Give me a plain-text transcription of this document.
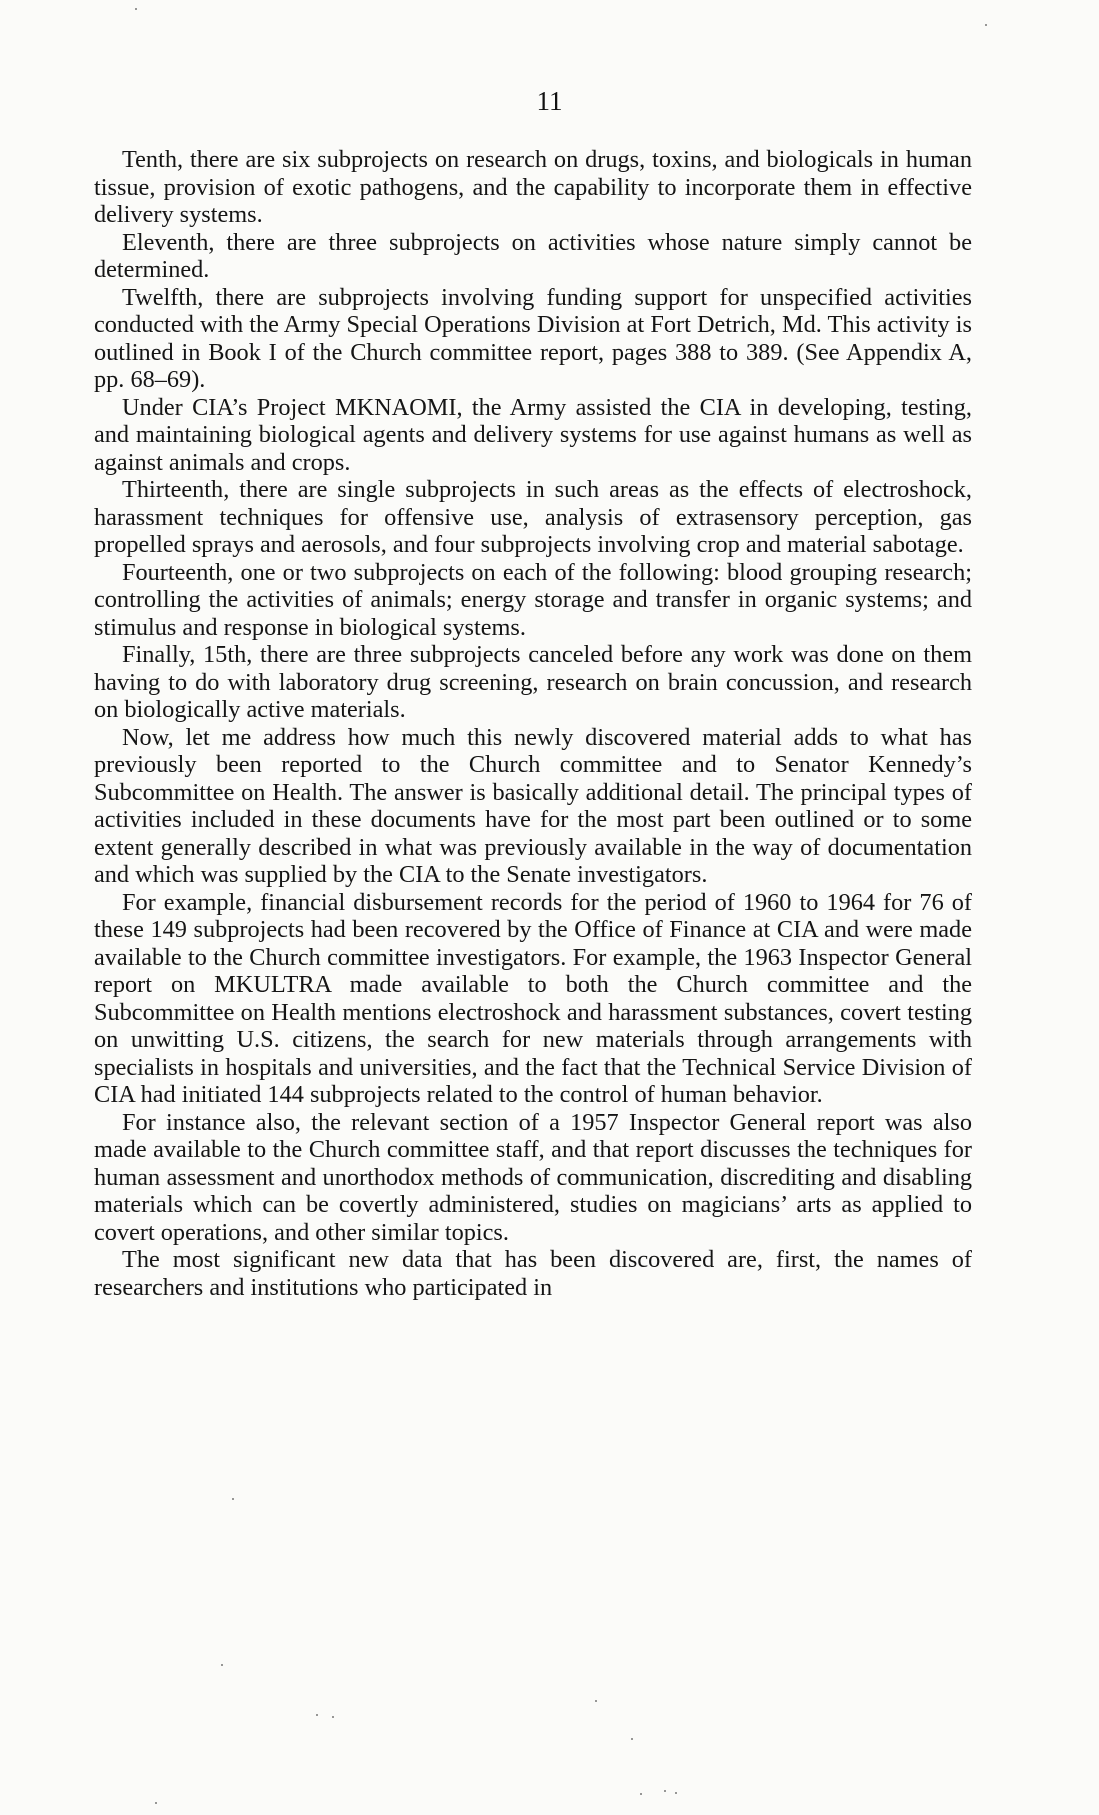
11

Tenth, there are six subprojects on research on drugs, toxins, and biologicals in human tissue, provision of exotic pathogens, and the capability to incorporate them in effective delivery systems.

Eleventh, there are three subprojects on activities whose nature simply cannot be determined.

Twelfth, there are subprojects involving funding support for unspecified activities conducted with the Army Special Operations Division at Fort Detrich, Md. This activity is outlined in Book I of the Church committee report, pages 388 to 389. (See Appendix A, pp. 68–69).

Under CIA’s Project MKNAOMI, the Army assisted the CIA in developing, testing, and maintaining biological agents and delivery systems for use against humans as well as against animals and crops.

Thirteenth, there are single subprojects in such areas as the effects of electroshock, harassment techniques for offensive use, analysis of extrasensory perception, gas propelled sprays and aerosols, and four subprojects involving crop and material sabotage.

Fourteenth, one or two subprojects on each of the following: blood grouping research; controlling the activities of animals; energy storage and transfer in organic systems; and stimulus and response in biological systems.

Finally, 15th, there are three subprojects canceled before any work was done on them having to do with laboratory drug screening, research on brain concussion, and research on biologically active materials.

Now, let me address how much this newly discovered material adds to what has previously been reported to the Church committee and to Senator Kennedy’s Subcommittee on Health. The answer is basically additional detail. The principal types of activities included in these documents have for the most part been outlined or to some extent generally described in what was previously available in the way of documentation and which was supplied by the CIA to the Senate investigators.

For example, financial disbursement records for the period of 1960 to 1964 for 76 of these 149 subprojects had been recovered by the Office of Finance at CIA and were made available to the Church committee investigators. For example, the 1963 Inspector General report on MKULTRA made available to both the Church committee and the Subcommittee on Health mentions electroshock and harassment substances, covert testing on unwitting U.S. citizens, the search for new materials through arrangements with specialists in hospitals and universities, and the fact that the Technical Service Division of CIA had initiated 144 subprojects related to the control of human behavior.

For instance also, the relevant section of a 1957 Inspector General report was also made available to the Church committee staff, and that report discusses the techniques for human assessment and unorthodox methods of communication, discrediting and disabling materials which can be covertly administered, studies on magicians’ arts as applied to covert operations, and other similar topics.

The most significant new data that has been discovered are, first, the names of researchers and institutions who participated in
